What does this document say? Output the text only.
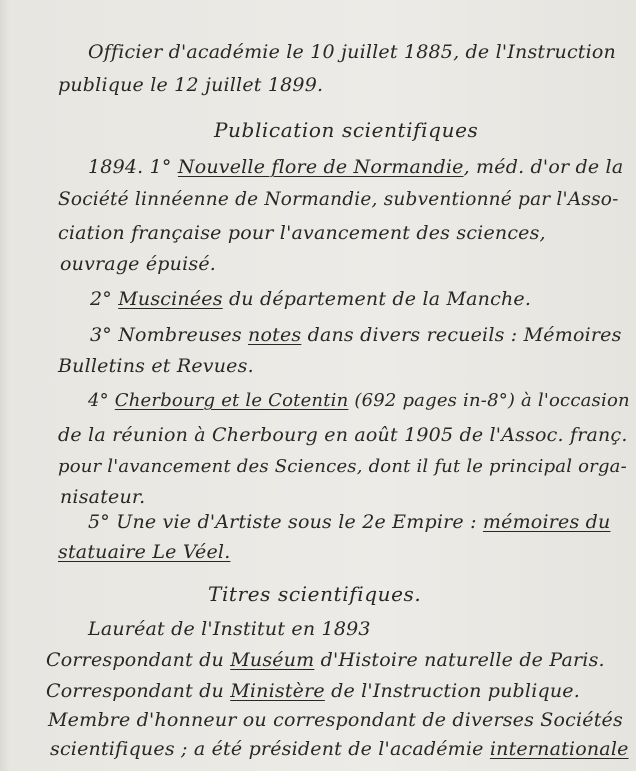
Officier d'académie le 10 juillet 1885, de l'Instruction
publique le 12 juillet 1899.
Publication scientifiques
1894. 1° Nouvelle flore de Normandie, méd. d'or de la
Société linnéenne de Normandie, subventionné par l'Asso-
ciation française pour l'avancement des sciences,
ouvrage épuisé.
2° Muscinées du département de la Manche.
3° Nombreuses notes dans divers recueils : Mémoires
Bulletins et Revues.
4° Cherbourg et le Cotentin (692 pages in-8°) à l'occasion
de la réunion à Cherbourg en août 1905 de l'Assoc. franç.
pour l'avancement des Sciences, dont il fut le principal orga-
nisateur.
5° Une vie d'Artiste sous le 2e Empire : mémoires du
statuaire Le Véel.
Titres scientifiques.
Lauréat de l'Institut en 1893
Correspondant du Muséum d'Histoire naturelle de Paris.
Correspondant du Ministère de l'Instruction publique.
Membre d'honneur ou correspondant de diverses Sociétés
scientifiques ; a été président de l'académie internationale
